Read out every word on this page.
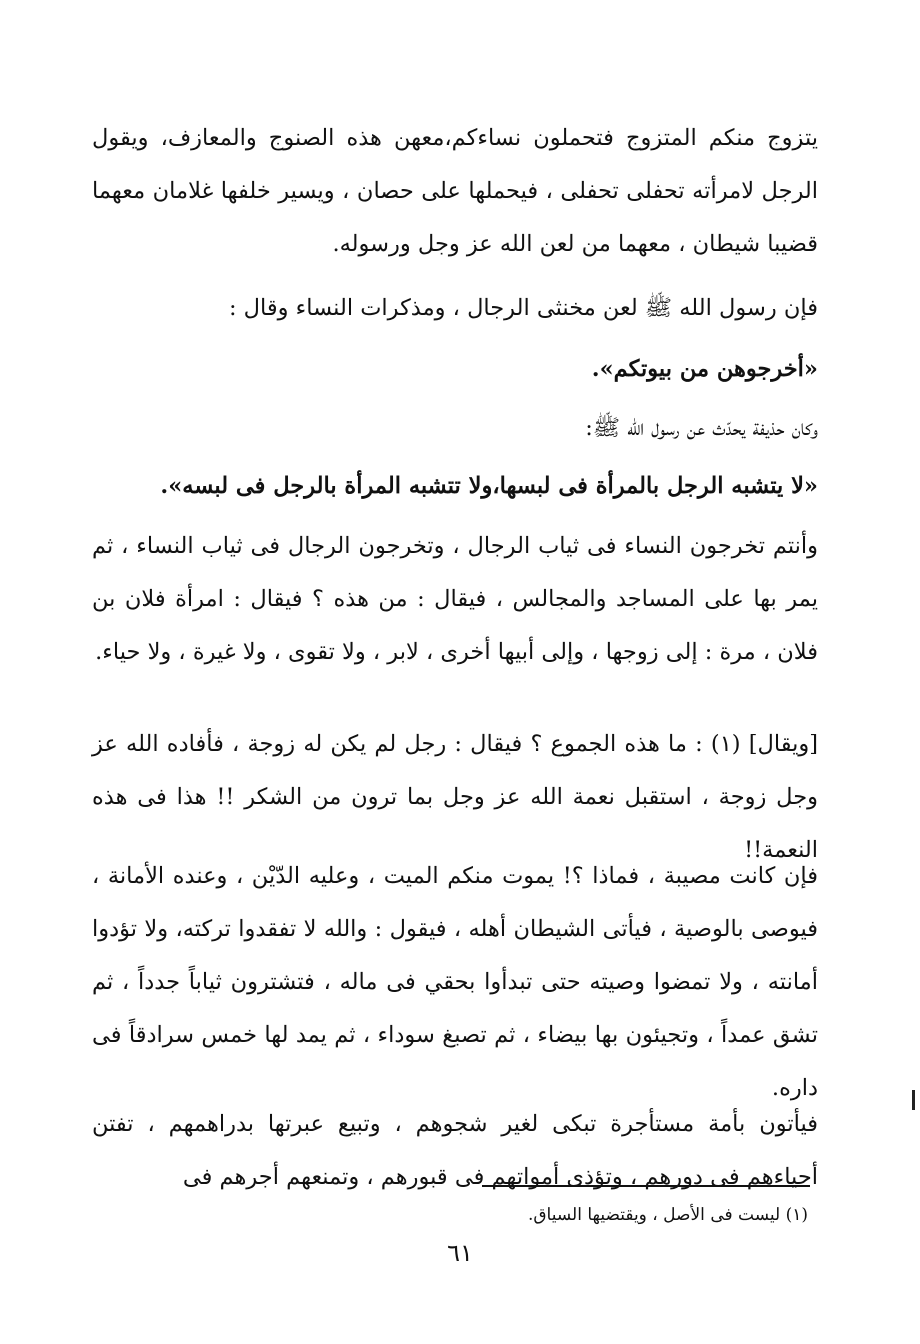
يتزوج منكم المتزوج فتحملون نساءكم،معهن هذه الصنوج والمعازف، ويقول الرجل لامرأته تحفلى تحفلى ، فيحملها على حصان ، ويسير خلفها غلامان معهما قضيبا شيطان ، معهما من لعن الله عز وجل ورسوله.

فإن رسول الله ﷺ لعن مخنثى الرجال ، ومذكرات النساء وقال :

«أخرجوهن من بيوتكم».

وكان حذيفة يحدّث عن رسول الله ﷺ:

«لا يتشبه الرجل بالمرأة فى لبسها،ولا تتشبه المرأة بالرجل فى لبسه».

وأنتم تخرجون النساء فى ثياب الرجال ، وتخرجون الرجال فى ثياب النساء ، ثم يمر بها على المساجد والمجالس ، فيقال : من هذه ؟ فيقال : امرأة فلان بن فلان ، مرة : إلى زوجها ، وإلى أبيها أخرى ، لابر ، ولا تقوى ، ولا غيرة ، ولا حياء.

[ويقال] (١) : ما هذه الجموع ؟ فيقال : رجل لم يكن له زوجة ، فأفاده الله عز وجل زوجة ، استقبل نعمة الله عز وجل بما ترون من الشكر !! هذا فى هذه النعمة!!

فإن كانت مصيبة ، فماذا ؟! يموت منكم الميت ، وعليه الدّيْن ، وعنده الأمانة ، فيوصى بالوصية ، فيأتى الشيطان أهله ، فيقول : والله لا تفقدوا تركته، ولا تؤدوا أمانته ، ولا تمضوا وصيته حتى تبدأوا بحقي فى ماله ، فتشترون ثياباً جدداً ، ثم تشق عمداً ، وتجيئون بها بيضاء ، ثم تصبغ سوداء ، ثم يمد لها خمس سرادقاً فى داره.

فيأتون بأمة مستأجرة تبكى لغير شجوهم ، وتبيع عبرتها بدراهمهم ، تفتن أحياءهم فى دورهم ، وتؤذى أمواتهم فى قبورهم ، وتمنعهم أجرهم فى

(١) ليست فى الأصل ، ويقتضيها السياق.

٦١
